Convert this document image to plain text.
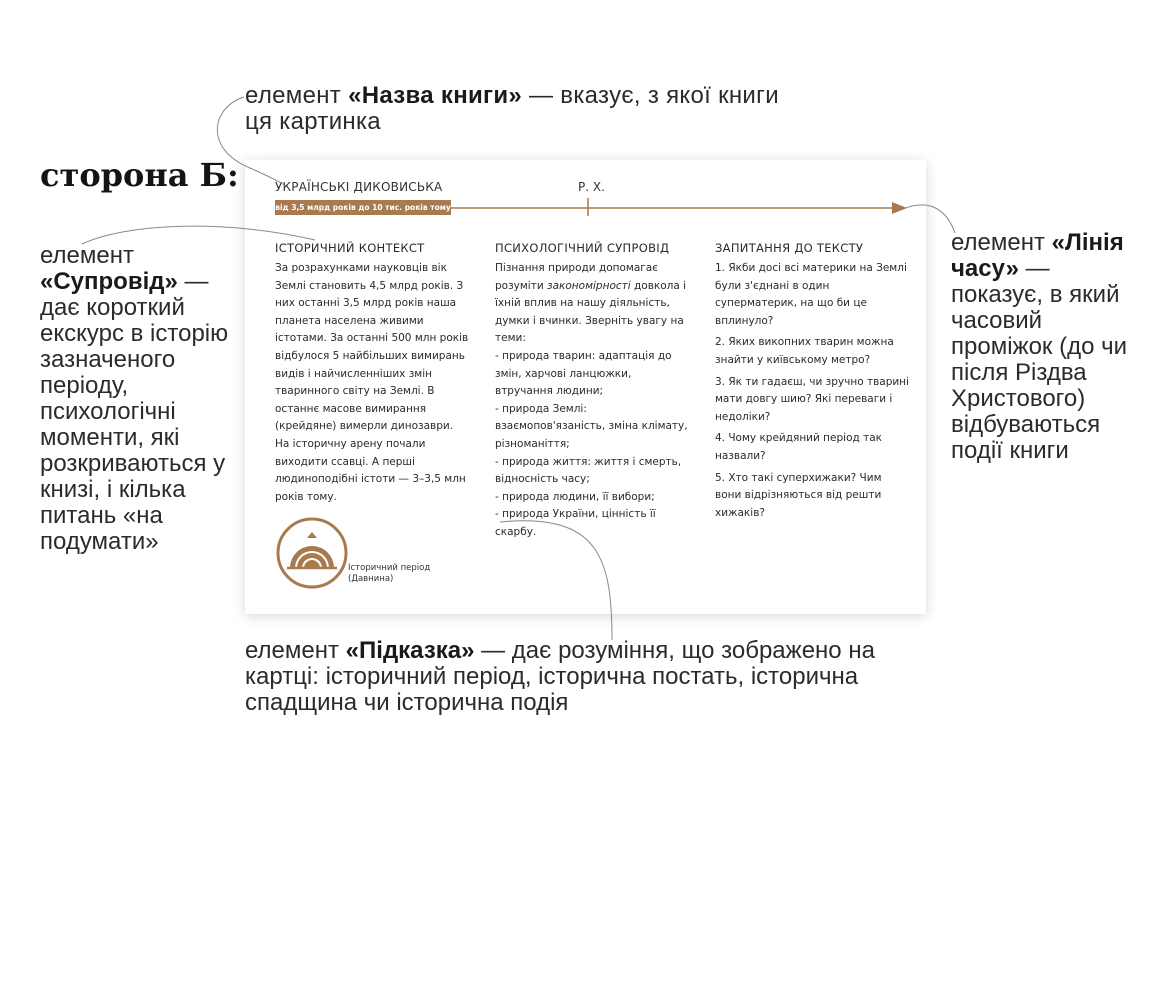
елемент «Назва книги» — вказує, з якої книги ця картинка
сторона Б:
елемент «Супровід» — дає короткий екскурс в історію зазначеного періоду, психологічні моменти, які розкриваються у книзі, і кілька питань «на подумати»
елемент «Лінія часу» — показує, в який часовий проміжок (до чи після Різдва Христового) відбуваються події книги
елемент «Підказка» — дає розуміння, що зображено на картці: історичний період, історична постать, історична спадщина чи історична подія
УКРАЇНСЬКІ ДИКОВИСЬКА	Р. Х.
від 3,5 млрд років до 10 тис. років тому
ІСТОРИЧНИЙ КОНТЕКСТ

За розрахунками науковців вік Землі становить 4,5 млрд років. З них останні 3,5 млрд років наша планета населена живими істотами. За останні 500 млн років відбулося 5 найбільших вимирань видів і найчисленніших змін тваринного світу на Землі. В останнє масове вимирання (крейдяне) вимерли динозаври. На історичну арену почали виходити ссавці. А перші людиноподібні істоти — 3–3,5 млн років тому.

ПСИХОЛОГІЧНИЙ СУПРОВІД

Пізнання природи допомагає розуміти закономірності довкола і їхній вплив на нашу діяльність, думки і вчинки. Зверніть увагу на теми:

- природа тварин: адаптація до змін, харчові ланцюжки, втручання людини;

- природа Землі: взаємопов'язаність, зміна клімату, різноманіття;

- природа життя: життя і смерть, відносність часу;

- природа людини, її вибори;

- природа України, цінність її скарбу.

ЗАПИТАННЯ ДО ТЕКСТУ

1. Якби досі всі материки на Землі були з'єднані в один суперматерик, на що би це вплинуло?

2. Яких викопних тварин можна знайти у київському метро?

3. Як ти гадаєш, чи зручно тварині мати довгу шию? Які переваги і недоліки?

4. Чому крейдяний період так назвали?

5. Хто такі суперхижаки? Чим вони відрізняються від решти хижаків?

Історичний період
(Давнина)
